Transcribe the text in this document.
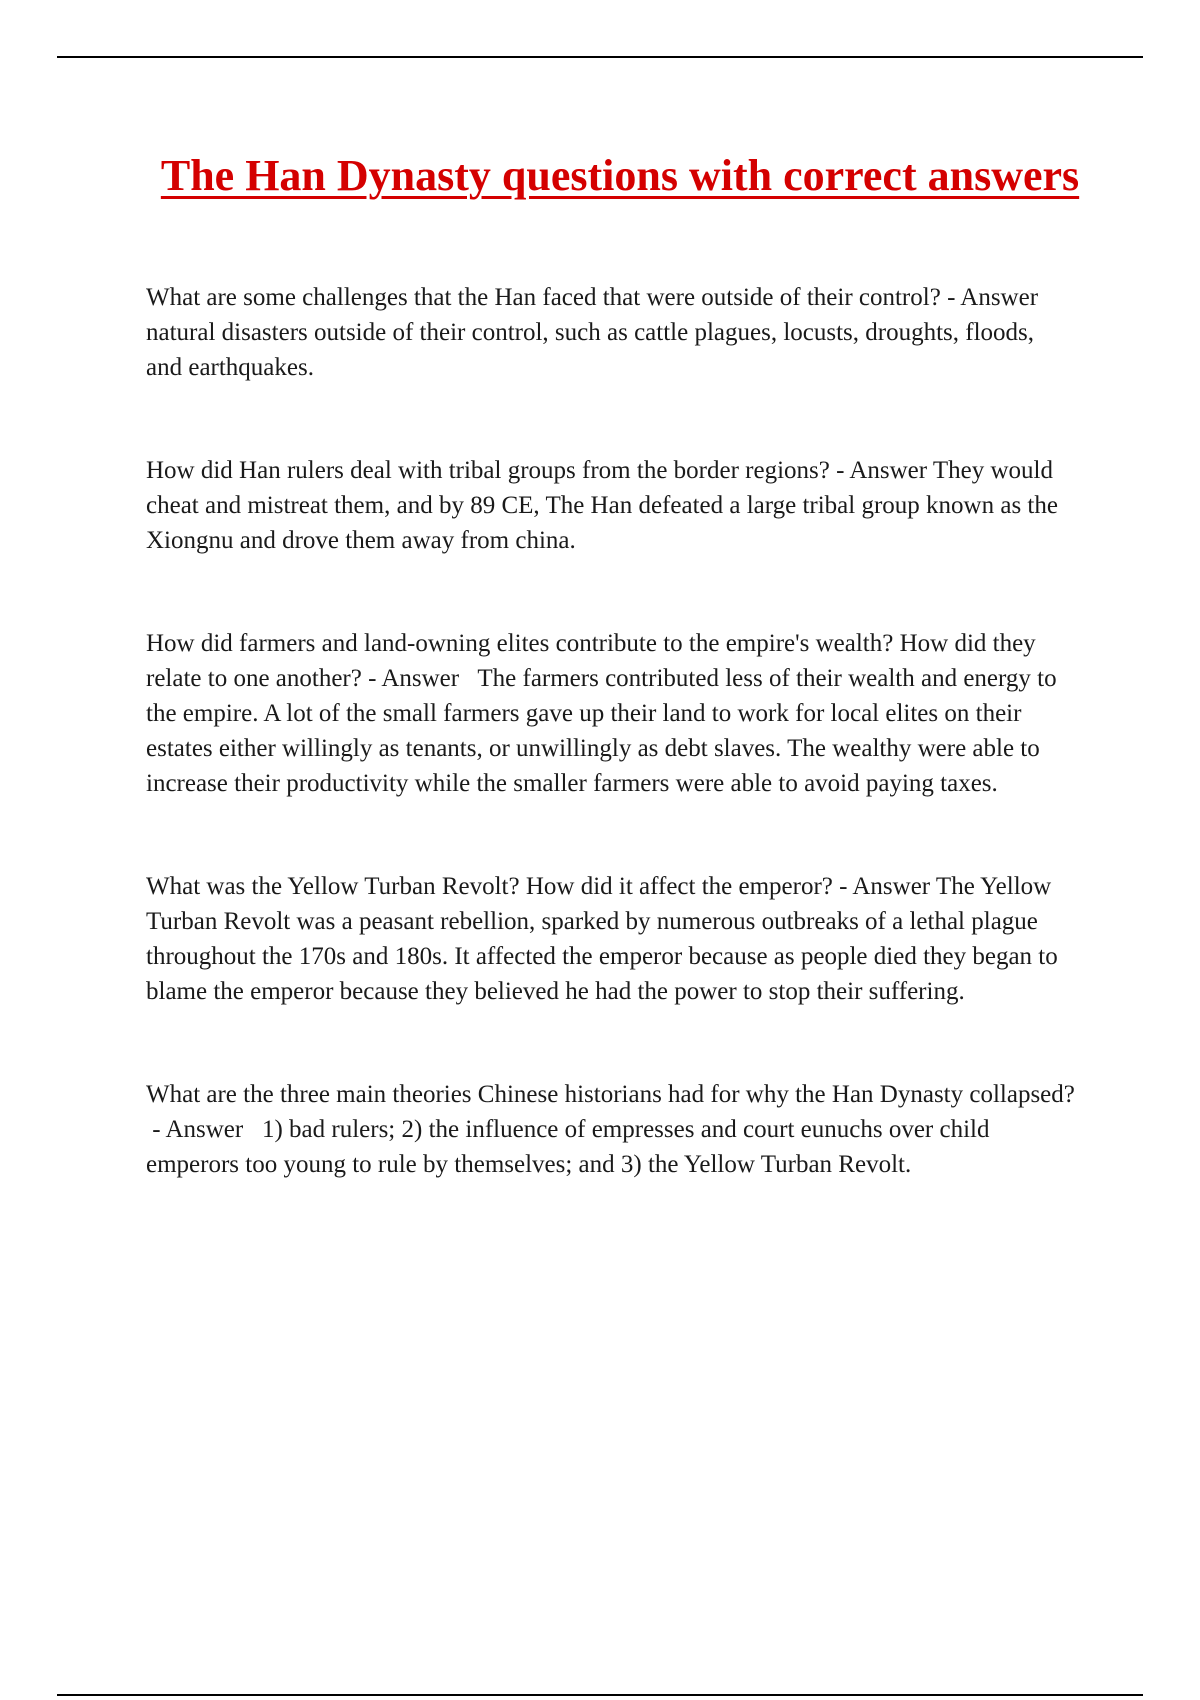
The Han Dynasty questions with correct answers

What are some challenges that the Han faced that were outside of their control? - Answer   natural disasters outside of their control, such as cattle plagues, locusts, droughts, floods, and earthquakes.

How did Han rulers deal with tribal groups from the border regions? - Answer They would cheat and mistreat them, and by 89 CE, The Han defeated a large tribal group known as the Xiongnu and drove them away from china.

How did farmers and land-owning elites contribute to the empire's wealth? How did they relate to one another? - Answer   The farmers contributed less of their wealth and energy to the empire. A lot of the small farmers gave up their land to work for local elites on their estates either willingly as tenants, or unwillingly as debt slaves. The wealthy were able to increase their productivity while the smaller farmers were able to avoid paying taxes.

What was the Yellow Turban Revolt? How did it affect the emperor? - Answer The Yellow Turban Revolt was a peasant rebellion, sparked by numerous outbreaks of a lethal plague throughout the 170s and 180s. It affected the emperor because as people died they began to blame the emperor because they believed he had the power to stop their suffering.

What are the three main theories Chinese historians had for why the Han Dynasty collapsed? - Answer   1) bad rulers; 2) the influence of empresses and court eunuchs over child emperors too young to rule by themselves; and 3) the Yellow Turban Revolt.
